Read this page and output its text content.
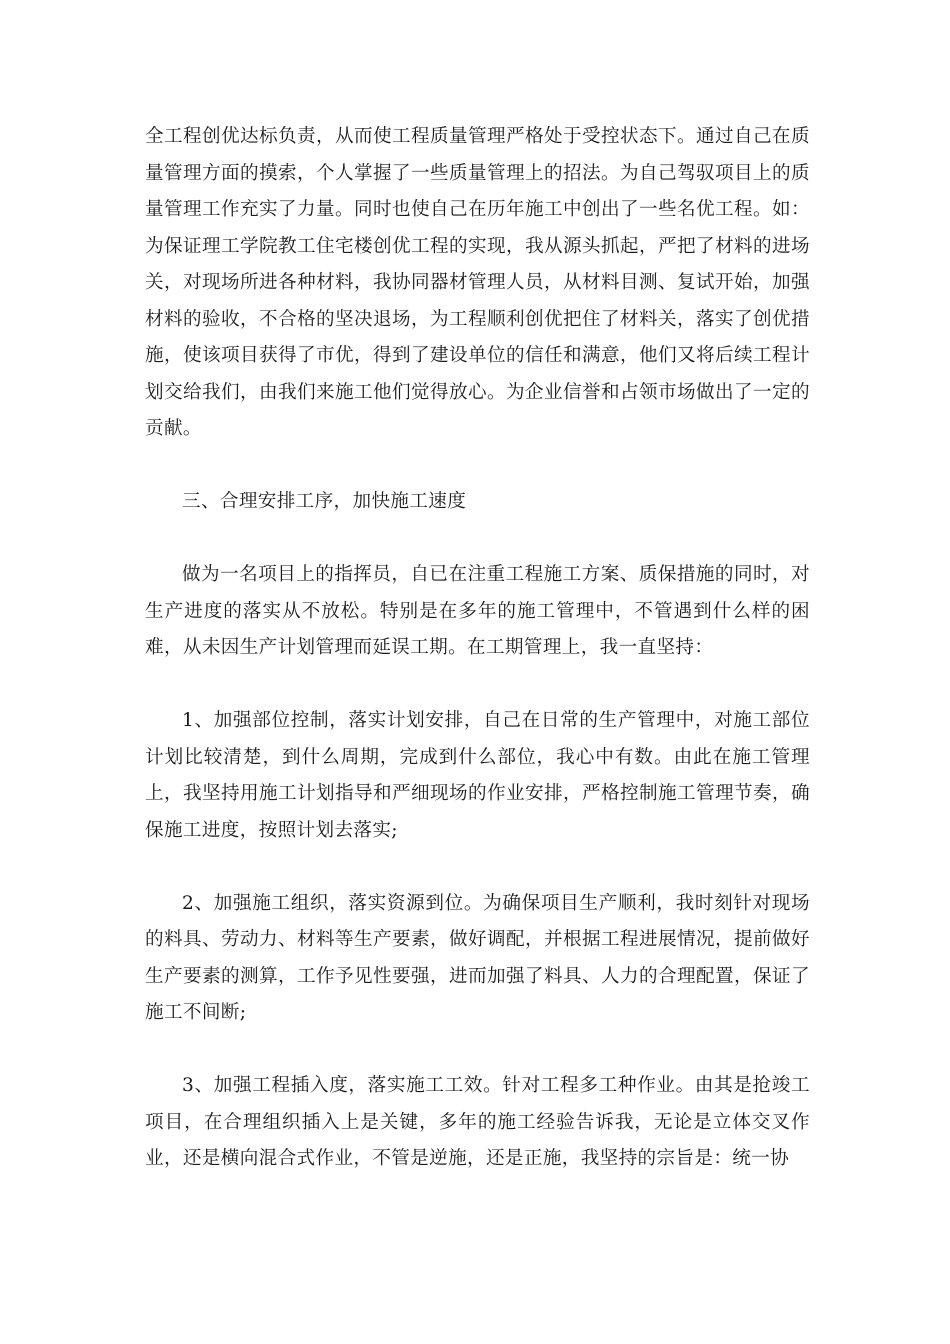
全工程创优达标负责，从而使工程质量管理严格处于受控状态下。通过自己在质量管理方面的摸索，个人掌握了一些质量管理上的招法。为自己驾驭项目上的质量管理工作充实了力量。同时也使自己在历年施工中创出了一些名优工程。如：为保证理工学院教工住宅楼创优工程的实现，我从源头抓起，严把了材料的进场关，对现场所进各种材料，我协同器材管理人员，从材料目测、复试开始，加强材料的验收，不合格的坚决退场，为工程顺利创优把住了材料关，落实了创优措施，使该项目获得了市优，得到了建设单位的信任和满意，他们又将后续工程计划交给我们，由我们来施工他们觉得放心。为企业信誉和占领市场做出了一定的贡献。

三、合理安排工序，加快施工速度

做为一名项目上的指挥员，自已在注重工程施工方案、质保措施的同时，对生产进度的落实从不放松。特别是在多年的施工管理中，不管遇到什么样的困难，从未因生产计划管理而延误工期。在工期管理上，我一直坚持：

1、加强部位控制，落实计划安排，自己在日常的生产管理中，对施工部位计划比较清楚，到什么周期，完成到什么部位，我心中有数。由此在施工管理上，我坚持用施工计划指导和严细现场的作业安排，严格控制施工管理节奏，确保施工进度，按照计划去落实;

2、加强施工组织，落实资源到位。为确保项目生产顺利，我时刻针对现场的料具、劳动力、材料等生产要素，做好调配，并根据工程进展情况，提前做好生产要素的测算，工作予见性要强，进而加强了料具、人力的合理配置，保证了施工不间断;

3、加强工程插入度，落实施工工效。针对工程多工种作业。由其是抢竣工项目，在合理组织插入上是关键，多年的施工经验告诉我，无论是立体交叉作业，还是横向混合式作业，不管是逆施，还是正施，我坚持的宗旨是：统一协
